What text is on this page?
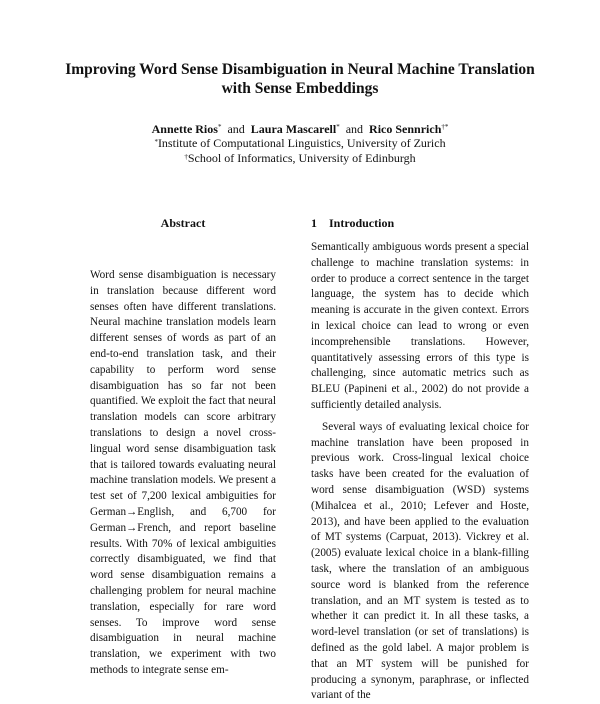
Improving Word Sense Disambiguation in Neural Machine Translation
with Sense Embeddings
Annette Rios* and Laura Mascarell* and Rico Sennrich†*
*Institute of Computational Linguistics, University of Zurich
†School of Informatics, University of Edinburgh
Abstract	1 Introduction

Word sense disambiguation is necessary in translation because different word senses often have different translations. Neural machine translation models learn different senses of words as part of an end-to-end translation task, and their capability to perform word sense disambiguation has so far not been quantified. We exploit the fact that neural translation models can score arbitrary translations to design a novel cross-lingual word sense disambiguation task that is tailored towards evaluating neural machine translation models. We present a test set of 7,200 lexical ambiguities for German→English, and 6,700 for German→French, and report baseline results. With 70% of lexical ambiguities correctly disambiguated, we find that word sense disambiguation remains a challenging problem for neural machine translation, especially for rare word senses. To improve word sense disambiguation in neural machine translation, we experiment with two methods to integrate sense em-

Semantically ambiguous words present a special challenge to machine translation systems: in order to produce a correct sentence in the target language, the system has to decide which meaning is accurate in the given context. Errors in lexical choice can lead to wrong or even incomprehensible translations. However, quantitatively assessing errors of this type is challenging, since automatic metrics such as BLEU (Papineni et al., 2002) do not provide a sufficiently detailed analysis.

Several ways of evaluating lexical choice for machine translation have been proposed in previous work. Cross-lingual lexical choice tasks have been created for the evaluation of word sense disambiguation (WSD) systems (Mihalcea et al., 2010; Lefever and Hoste, 2013), and have been applied to the evaluation of MT systems (Carpuat, 2013). Vickrey et al. (2005) evaluate lexical choice in a blank-filling task, where the translation of an ambiguous source word is blanked from the reference translation, and an MT system is tested as to whether it can predict it. In all these tasks, a word-level translation (or set of translations) is defined as the gold label. A major problem is that an MT system will be punished for producing a synonym, paraphrase, or inflected variant of the
